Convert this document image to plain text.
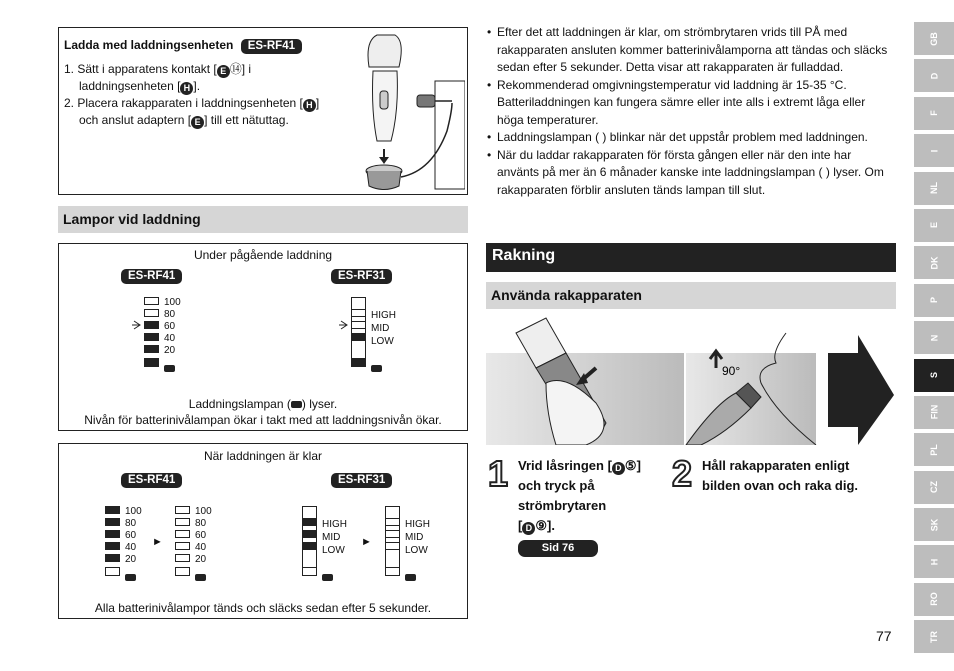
Ladda med laddningsenheten ES-RF41
1. Sätt i apparatens kontakt [ E ⑭] i
laddningsenheten [ H ].
2. Placera rakapparaten i laddningsenheten [ H ]
och anslut adaptern [ E ] till ett nätuttag.
Lampor vid laddning
Under pågående laddning
ES-RF41	ES-RF31
100
80
60
40
20
HIGH
MID
LOW
Laddningslampan ( ) lyser.
Nivån för batterinivålampan ökar i takt med att laddningsnivån ökar.
När laddningen är klar
ES-RF41	ES-RF31
100
80
60
40
20
►
100
80
60
40
20
HIGH
MID
LOW
►
HIGH
MID
LOW
Alla batterinivålampor tänds och släcks sedan efter 5 sekunder.
• Efter det att laddningen är klar, om strömbrytaren vrids till PÅ med rakapparaten ansluten kommer batterinivålamporna att tändas och släcks sedan efter 5 sekunder. Detta visar att rakapparaten är fulladdad.
• Rekommenderad omgivningstemperatur vid laddning är 15-35 °C. Batteriladdningen kan fungera sämre eller inte alls i extremt låga eller höga temperaturer.
• Laddningslampan ( ) blinkar när det uppstår problem med laddningen.
• När du laddar rakapparaten för första gången eller när den inte har använts på mer än 6 månader kanske inte laddningslampan ( ) lyser. Om rakapparaten förblir ansluten tänds lampan till slut.
Rakning
Använda rakapparaten
90°
1 Vrid låsringen [ D ⑤]
och tryck på
strömbrytaren
[ D ⑨].
Sid 76
2 Håll rakapparaten enligt
bilden ovan och raka dig.
GB
D
F
I
NL
E
DK
P
N
S
FIN
PL
CZ
SK
H
RO
TR
77
